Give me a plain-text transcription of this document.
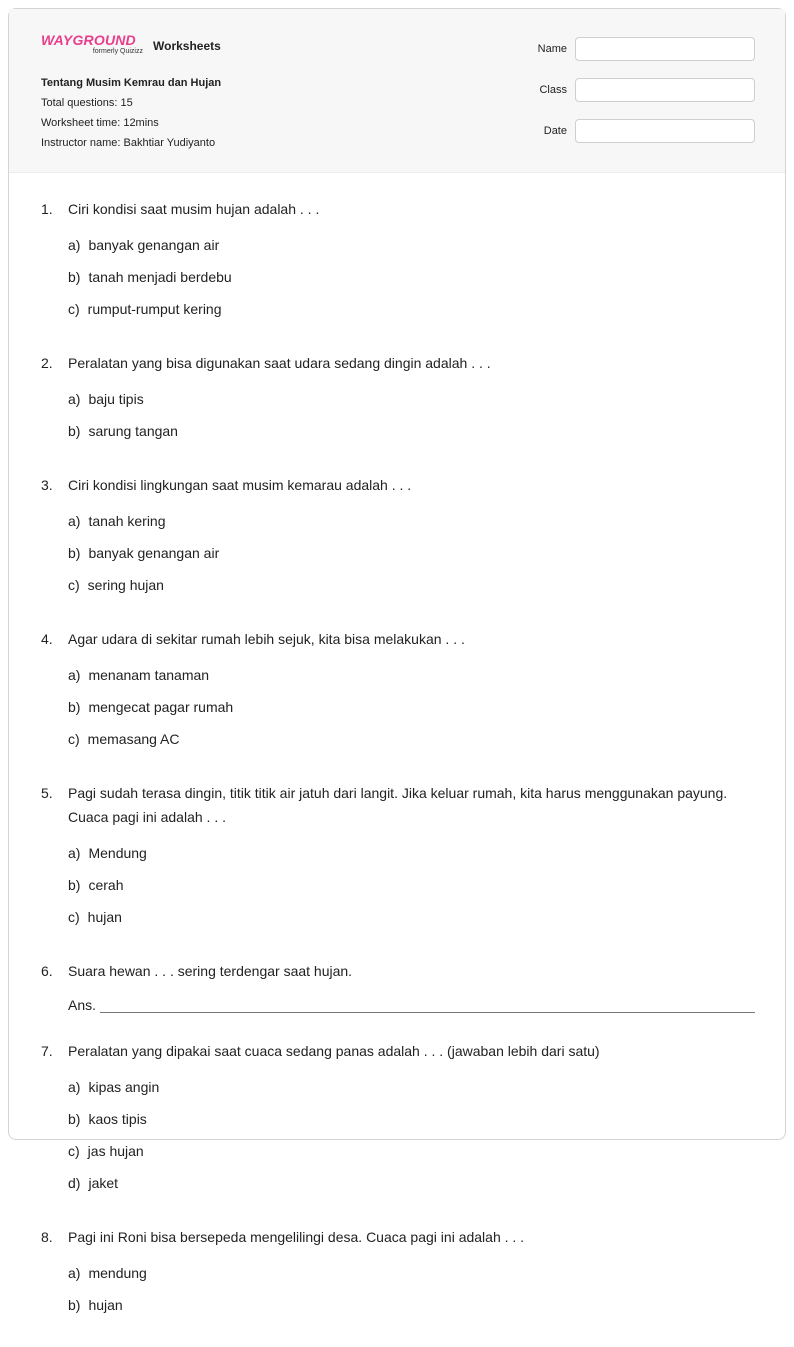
WAYGROUND
formerly Quizizz Worksheets
Tentang Musim Kemrau dan Hujan
Total questions: 15
Worksheet time: 12mins
Instructor name: Bakhtiar Yudiyanto
Name
Class
Date
1.	Ciri kondisi saat musim hujan adalah . . .
a) banyak genangan air
b) tanah menjadi berdebu
c) rumput-rumput kering
2.	Peralatan yang bisa digunakan saat udara sedang dingin adalah . . .
a) baju tipis
b) sarung tangan
3.	Ciri kondisi lingkungan saat musim kemarau adalah . . .
a) tanah kering
b) banyak genangan air
c) sering hujan
4.	Agar udara di sekitar rumah lebih sejuk, kita bisa melakukan . . .
a) menanam tanaman
b) mengecat pagar rumah
c) memasang AC
5.	Pagi sudah terasa dingin, titik titik air jatuh dari langit. Jika keluar rumah, kita harus menggunakan payung. Cuaca pagi ini adalah . . .
a) Mendung
b) cerah
c) hujan
6.	Suara hewan . . . sering terdengar saat hujan.
Ans.
7.	Peralatan yang dipakai saat cuaca sedang panas adalah . . . (jawaban lebih dari satu)
a) kipas angin
b) kaos tipis
c) jas hujan
d) jaket
8.	Pagi ini Roni bisa bersepeda mengelilingi desa. Cuaca pagi ini adalah . . .
a) mendung
b) hujan
